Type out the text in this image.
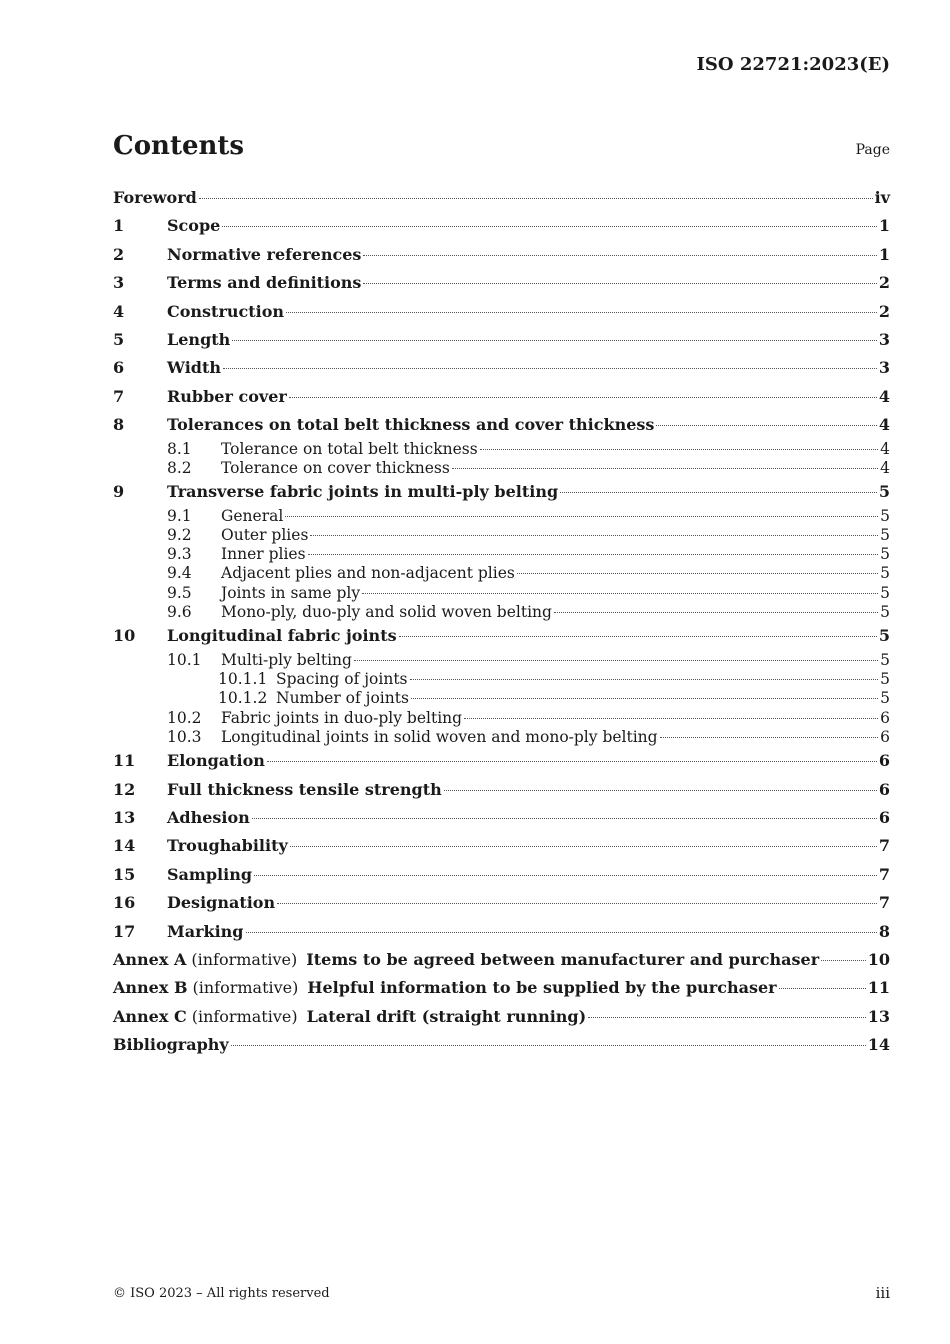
ISO 22721:2023(E)
Contents	Page
Foreword	iv
1	Scope	1
2	Normative references	1
3	Terms and definitions	2
4	Construction	2
5	Length	3
6	Width	3
7	Rubber cover	4
8	Tolerances on total belt thickness and cover thickness	4
8.1	Tolerance on total belt thickness	4
8.2	Tolerance on cover thickness	4
9	Transverse fabric joints in multi-ply belting	5
9.1	General	5
9.2	Outer plies	5
9.3	Inner plies	5
9.4	Adjacent plies and non-adjacent plies	5
9.5	Joints in same ply	5
9.6	Mono-ply, duo-ply and solid woven belting	5
10	Longitudinal fabric joints	5
10.1	Multi-ply belting	5
10.1.1 Spacing of joints	5
10.1.2 Number of joints	5
10.2	Fabric joints in duo-ply belting	6
10.3	Longitudinal joints in solid woven and mono-ply belting	6
11	Elongation	6
12	Full thickness tensile strength	6
13	Adhesion	6
14	Troughability	7
15	Sampling	7
16	Designation	7
17	Marking	8
Annex A (informative) Items to be agreed between manufacturer and purchaser	10
Annex B (informative) Helpful information to be supplied by the purchaser	11
Annex C (informative) Lateral drift (straight running)	13
Bibliography	14
© ISO 2023 – All rights reserved	iii
